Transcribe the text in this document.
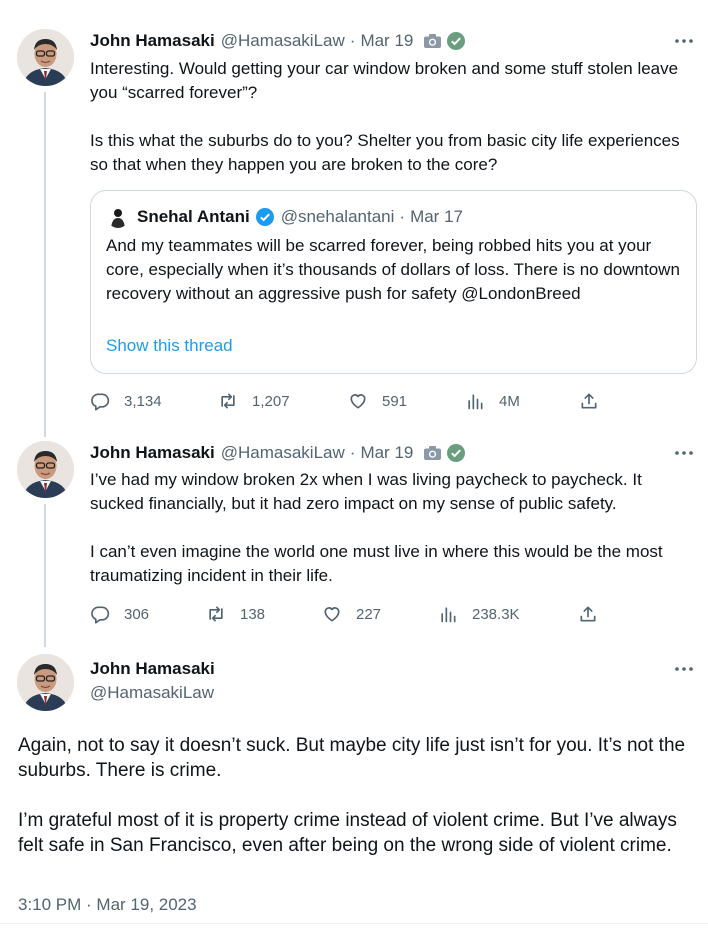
John Hamasaki @HamasakiLaw · Mar 19
Interesting. Would getting your car window broken and some stuff stolen leave you “scarred forever”?

Is this what the suburbs do to you? Shelter you from basic city life experiences so that when they happen you are broken to the core?
Snehal Antani @snehalantani · Mar 17
And my teammates will be scarred forever, being robbed hits you at your core, especially when it’s thousands of dollars of loss. There is no downtown recovery without an aggressive push for safety @LondonBreed
Show this thread
3,134	1,207	591	4M
John Hamasaki @HamasakiLaw · Mar 19
I’ve had my window broken 2x when I was living paycheck to paycheck. It sucked financially, but it had zero impact on my sense of public safety.

I can’t even imagine the world one must live in where this would be the most traumatizing incident in their life.
306	138	227	238.3K
John Hamasaki
@HamasakiLaw
Again, not to say it doesn’t suck. But maybe city life just isn’t for you. It’s not the suburbs. There is crime.

I’m grateful most of it is property crime instead of violent crime. But I’ve always felt safe in San Francisco, even after being on the wrong side of violent crime.
3:10 PM · Mar 19, 2023
